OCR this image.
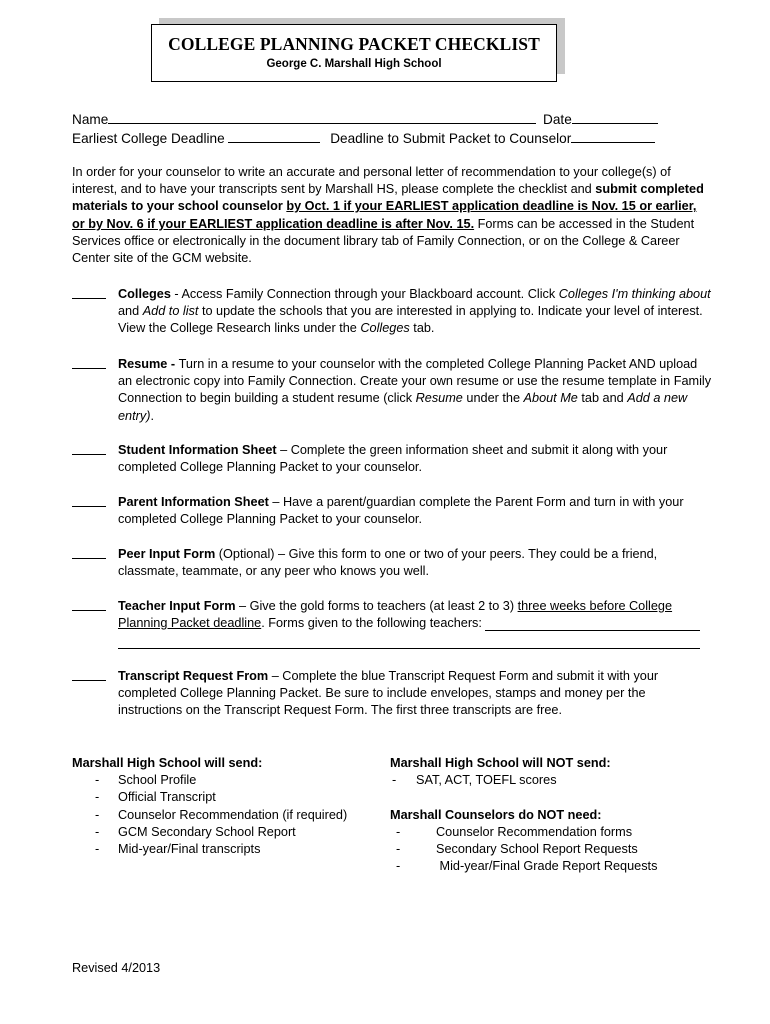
COLLEGE PLANNING PACKET CHECKLIST
George C. Marshall High School
Name	Date
Earliest College Deadline	Deadline to Submit Packet to Counselor
In order for your counselor to write an accurate and personal letter of recommendation to your college(s) of interest, and to have your transcripts sent by Marshall HS, please complete the checklist and submit completed materials to your school counselor by Oct. 1 if your EARLIEST application deadline is Nov. 15 or earlier, or by Nov. 6 if your EARLIEST application deadline is after Nov. 15. Forms can be accessed in the Student Services office or electronically in the document library tab of Family Connection, or on the College & Career Center site of the GCM website.
Colleges - Access Family Connection through your Blackboard account. Click Colleges I'm thinking about and Add to list to update the schools that you are interested in applying to. Indicate your level of interest. View the College Research links under the Colleges tab.
Resume - Turn in a resume to your counselor with the completed College Planning Packet AND upload an electronic copy into Family Connection. Create your own resume or use the resume template in Family Connection to begin building a student resume (click Resume under the About Me tab and Add a new entry).
Student Information Sheet – Complete the green information sheet and submit it along with your completed College Planning Packet to your counselor.
Parent Information Sheet – Have a parent/guardian complete the Parent Form and turn in with your completed College Planning Packet to your counselor.
Peer Input Form (Optional) – Give this form to one or two of your peers. They could be a friend, classmate, teammate, or any peer who knows you well.
Teacher Input Form – Give the gold forms to teachers (at least 2 to 3) three weeks before College Planning Packet deadline. Forms given to the following teachers:
Transcript Request From – Complete the blue Transcript Request Form and submit it with your completed College Planning Packet. Be sure to include envelopes, stamps and money per the instructions on the Transcript Request Form. The first three transcripts are free.
Marshall High School will send:
- School Profile
- Official Transcript
- Counselor Recommendation (if required)
- GCM Secondary School Report
- Mid-year/Final transcripts
Marshall High School will NOT send:
- SAT, ACT, TOEFL scores
Marshall Counselors do NOT need:
-	Counselor Recommendation forms
-	Secondary School Report Requests
-	Mid-year/Final Grade Report Requests
Revised 4/2013
